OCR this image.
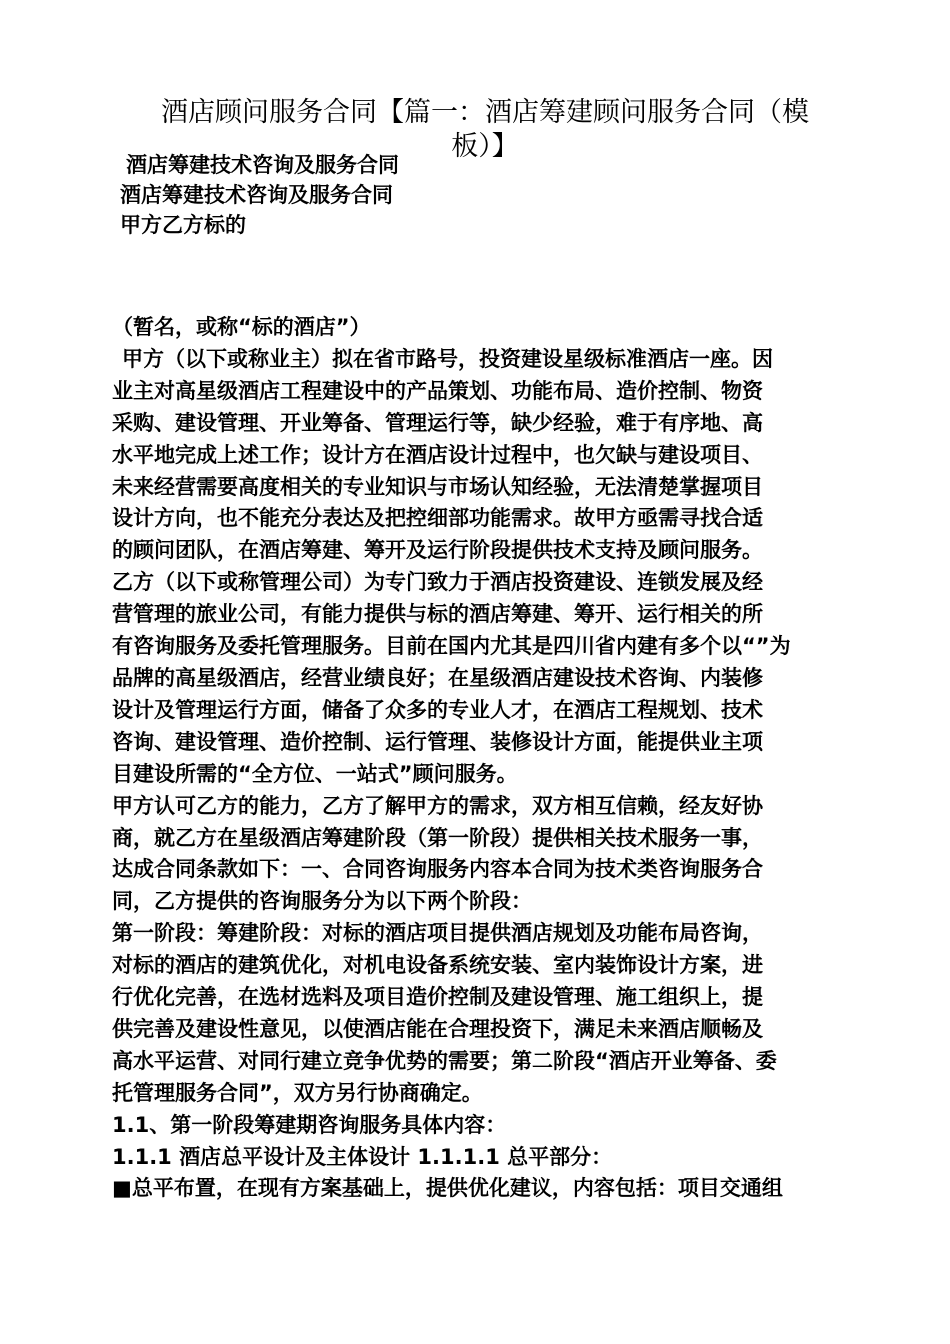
酒店顾问服务合同【篇一：酒店筹建顾问服务合同（模
板）】
酒店筹建技术咨询及服务合同
酒店筹建技术咨询及服务合同
甲方乙方标的
（暂名，或称“标的酒店”）
甲方（以下或称业主）拟在省市路号，投资建设星级标准酒店一座。因
业主对高星级酒店工程建设中的产品策划、功能布局、造价控制、物资
采购、建设管理、开业筹备、管理运行等，缺少经验，难于有序地、高
水平地完成上述工作；设计方在酒店设计过程中，也欠缺与建设项目、
未来经营需要高度相关的专业知识与市场认知经验，无法清楚掌握项目
设计方向，也不能充分表达及把控细部功能需求。故甲方亟需寻找合适
的顾问团队，在酒店筹建、筹开及运行阶段提供技术支持及顾问服务。
乙方（以下或称管理公司）为专门致力于酒店投资建设、连锁发展及经
营管理的旅业公司，有能力提供与标的酒店筹建、筹开、运行相关的所
有咨询服务及委托管理服务。目前在国内尤其是四川省内建有多个以“”为
品牌的高星级酒店，经营业绩良好；在星级酒店建设技术咨询、内装修
设计及管理运行方面，储备了众多的专业人才，在酒店工程规划、技术
咨询、建设管理、造价控制、运行管理、装修设计方面，能提供业主项
目建设所需的“全方位、一站式”顾问服务。
甲方认可乙方的能力，乙方了解甲方的需求，双方相互信赖，经友好协
商，就乙方在星级酒店筹建阶段（第一阶段）提供相关技术服务一事，
达成合同条款如下：一、合同咨询服务内容本合同为技术类咨询服务合
同，乙方提供的咨询服务分为以下两个阶段：
第一阶段：筹建阶段：对标的酒店项目提供酒店规划及功能布局咨询，
对标的酒店的建筑优化，对机电设备系统安装、室内装饰设计方案，进
行优化完善，在选材选料及项目造价控制及建设管理、施工组织上，提
供完善及建设性意见，以使酒店能在合理投资下，满足未来酒店顺畅及
高水平运营、对同行建立竞争优势的需要；第二阶段“酒店开业筹备、委
托管理服务合同”，双方另行协商确定。
1.1、第一阶段筹建期咨询服务具体内容：
1.1.1 酒店总平设计及主体设计 1.1.1.1 总平部分：
■总平布置，在现有方案基础上，提供优化建议，内容包括：项目交通组
